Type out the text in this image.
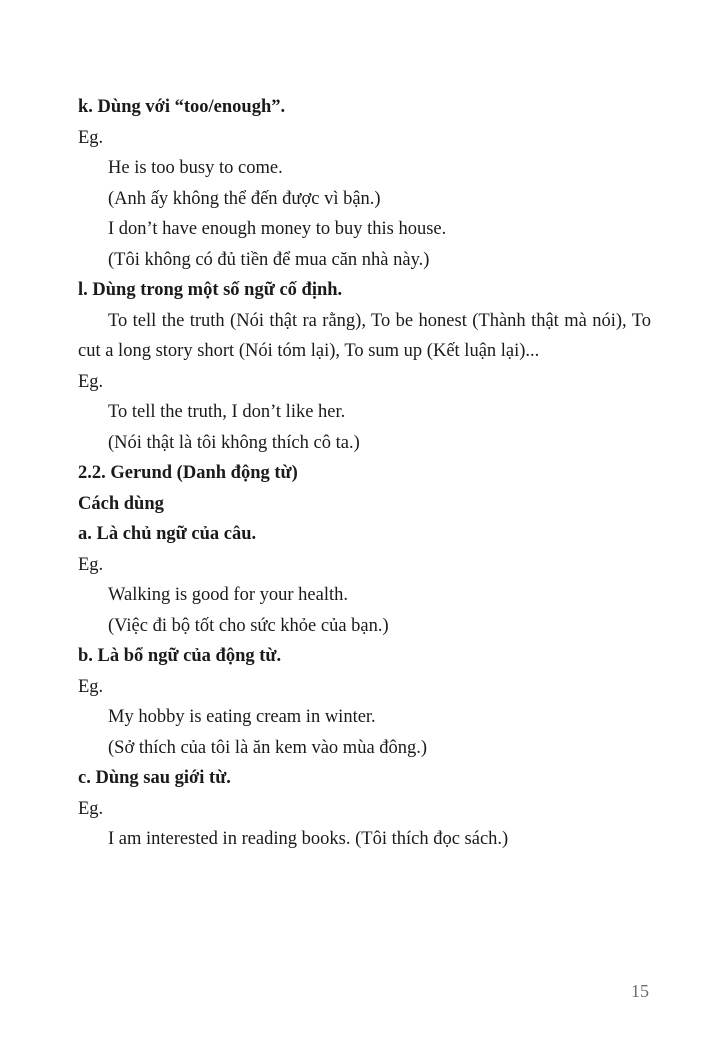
k. Dùng với “too/enough”.

Eg.

He is too busy to come.

(Anh ấy không thể đến được vì bận.)

I don’t have enough money to buy this house.

(Tôi không có đủ tiền để mua căn nhà này.)

l. Dùng trong một số ngữ cố định.

To tell the truth (Nói thật ra rằng), To be honest (Thành thật mà nói), To cut a long story short (Nói tóm lại), To sum up (Kết luận lại)...

Eg.

To tell the truth, I don’t like her.

(Nói thật là tôi không thích cô ta.)

2.2. Gerund (Danh động từ)

Cách dùng

a. Là chủ ngữ của câu.

Eg.

Walking is good for your health.

(Việc đi bộ tốt cho sức khỏe của bạn.)

b. Là bổ ngữ của động từ.

Eg.

My hobby is eating cream in winter.

(Sở thích của tôi là ăn kem vào mùa đông.)

c. Dùng sau giới từ.

Eg.

I am interested in reading books. (Tôi thích đọc sách.)

15
